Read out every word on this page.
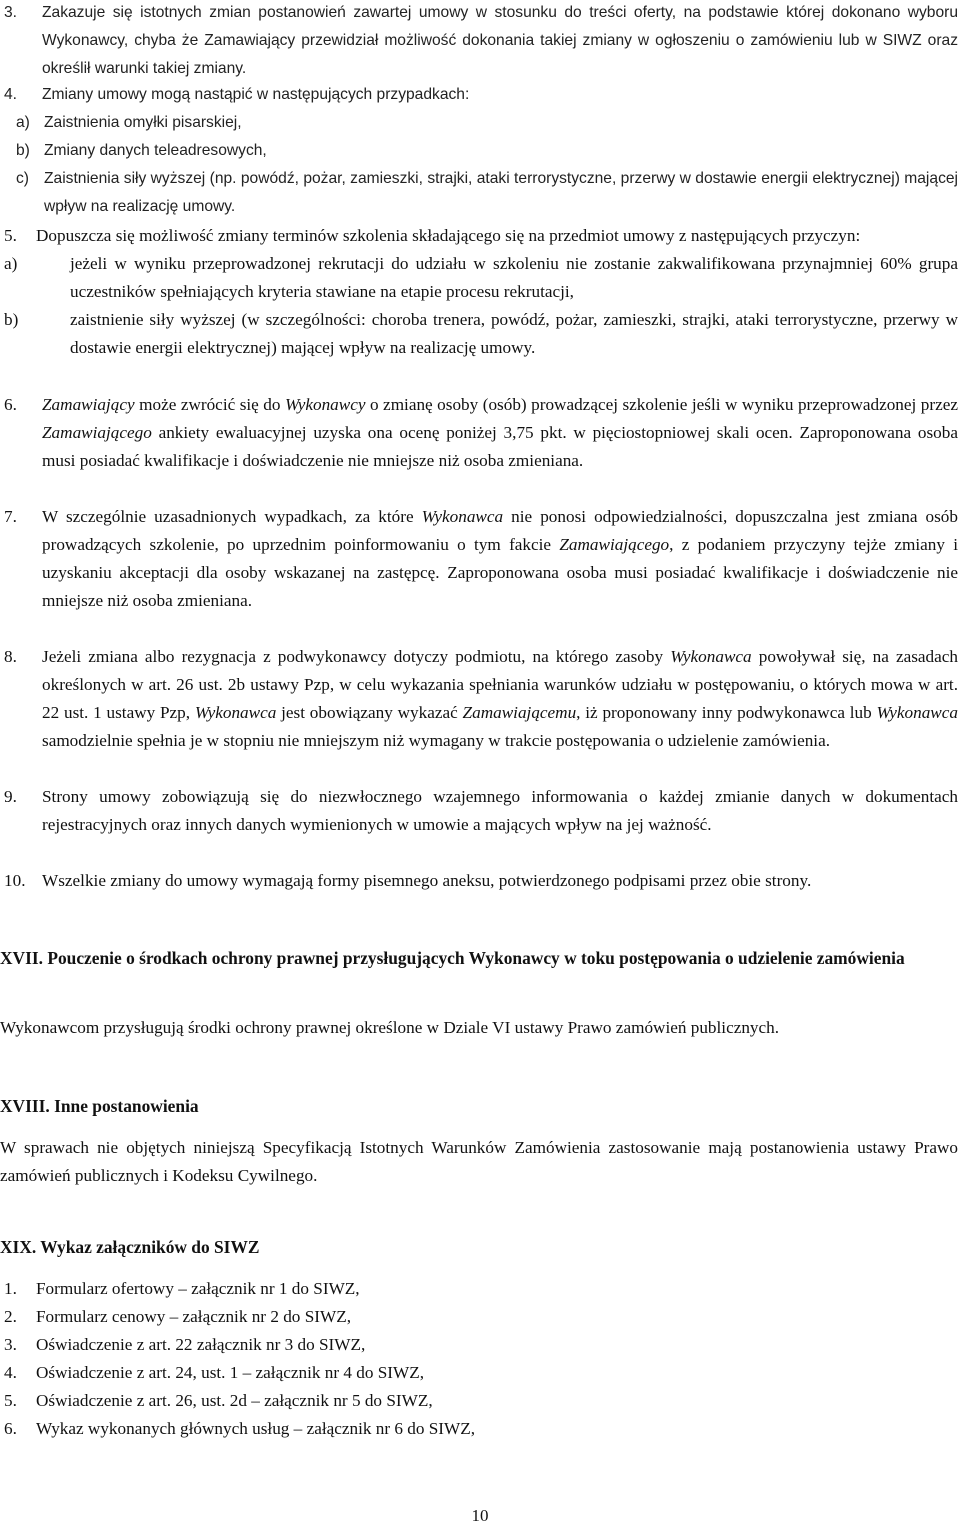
3.	Zakazuje się istotnych zmian postanowień zawartej umowy w stosunku do treści oferty, na podstawie której dokonano wyboru Wykonawcy, chyba że Zamawiający przewidział możliwość dokonania takiej zmiany w ogłoszeniu o zamówieniu lub w SIWZ oraz określił warunki takiej zmiany.
4.	Zmiany umowy mogą nastąpić w następujących przypadkach:
a) Zaistnienia omyłki pisarskiej,
b) Zmiany danych teleadresowych,
c) Zaistnienia siły wyższej (np. powódź, pożar, zamieszki, strajki, ataki terrorystyczne, przerwy w dostawie energii elektrycznej) mającej wpływ na realizację umowy.
5.	Dopuszcza się możliwość zmiany terminów szkolenia składającego się na przedmiot umowy z następujących przyczyn:
a)	jeżeli w wyniku przeprowadzonej rekrutacji do udziału w szkoleniu nie zostanie zakwalifikowana przynajmniej 60% grupa uczestników spełniających kryteria stawiane na etapie procesu rekrutacji,
b)	zaistnienie siły wyższej (w szczególności: choroba trenera, powódź, pożar, zamieszki, strajki, ataki terrorystyczne, przerwy w dostawie energii elektrycznej) mającej wpływ na realizację umowy.
6.	Zamawiający może zwrócić się do Wykonawcy o zmianę osoby (osób) prowadzącej szkolenie jeśli w wyniku przeprowadzonej przez Zamawiającego ankiety ewaluacyjnej uzyska ona ocenę poniżej 3,75 pkt. w pięciostopniowej skali ocen. Zaproponowana osoba musi posiadać kwalifikacje i doświadczenie nie mniejsze niż osoba zmieniana.
7.	W szczególnie uzasadnionych wypadkach, za które Wykonawca nie ponosi odpowiedzialności, dopuszczalna jest zmiana osób prowadzących szkolenie, po uprzednim poinformowaniu o tym fakcie Zamawiającego, z podaniem przyczyny tejże zmiany i uzyskaniu akceptacji dla osoby wskazanej na zastępcę. Zaproponowana osoba musi posiadać kwalifikacje i doświadczenie nie mniejsze niż osoba zmieniana.
8.	Jeżeli zmiana albo rezygnacja z podwykonawcy dotyczy podmiotu, na którego zasoby Wykonawca powoływał się, na zasadach określonych w art. 26 ust. 2b ustawy Pzp, w celu wykazania spełniania warunków udziału w postępowaniu, o których mowa w art. 22 ust. 1 ustawy Pzp, Wykonawca jest obowiązany wykazać Zamawiającemu, iż proponowany inny podwykonawca lub Wykonawca samodzielnie spełnia je w stopniu nie mniejszym niż wymagany w trakcie postępowania o udzielenie zamówienia.
9.	Strony umowy zobowiązują się do niezwłocznego wzajemnego informowania o każdej zmianie danych w dokumentach rejestracyjnych oraz innych danych wymienionych w umowie a mających wpływ na jej ważność.
10. Wszelkie zmiany do umowy wymagają formy pisemnego aneksu, potwierdzonego podpisami przez obie strony.
XVII. Pouczenie o środkach ochrony prawnej przysługujących Wykonawcy w toku postępowania o udzielenie zamówienia
Wykonawcom przysługują środki ochrony prawnej określone w Dziale VI ustawy Prawo zamówień publicznych.
XVIII. Inne postanowienia
W sprawach nie objętych niniejszą Specyfikacją Istotnych Warunków Zamówienia zastosowanie mają postanowienia ustawy Prawo zamówień publicznych i Kodeksu Cywilnego.
XIX. Wykaz załączników do SIWZ
1. Formularz ofertowy – załącznik nr 1 do SIWZ,
2. Formularz cenowy – załącznik nr 2 do SIWZ,
3. Oświadczenie z art. 22 załącznik nr 3 do SIWZ,
4. Oświadczenie z art. 24, ust. 1 – załącznik nr 4 do SIWZ,
5. Oświadczenie z art. 26, ust. 2d – załącznik nr 5 do SIWZ,
6. Wykaz wykonanych głównych usług – załącznik nr 6 do SIWZ,
10
